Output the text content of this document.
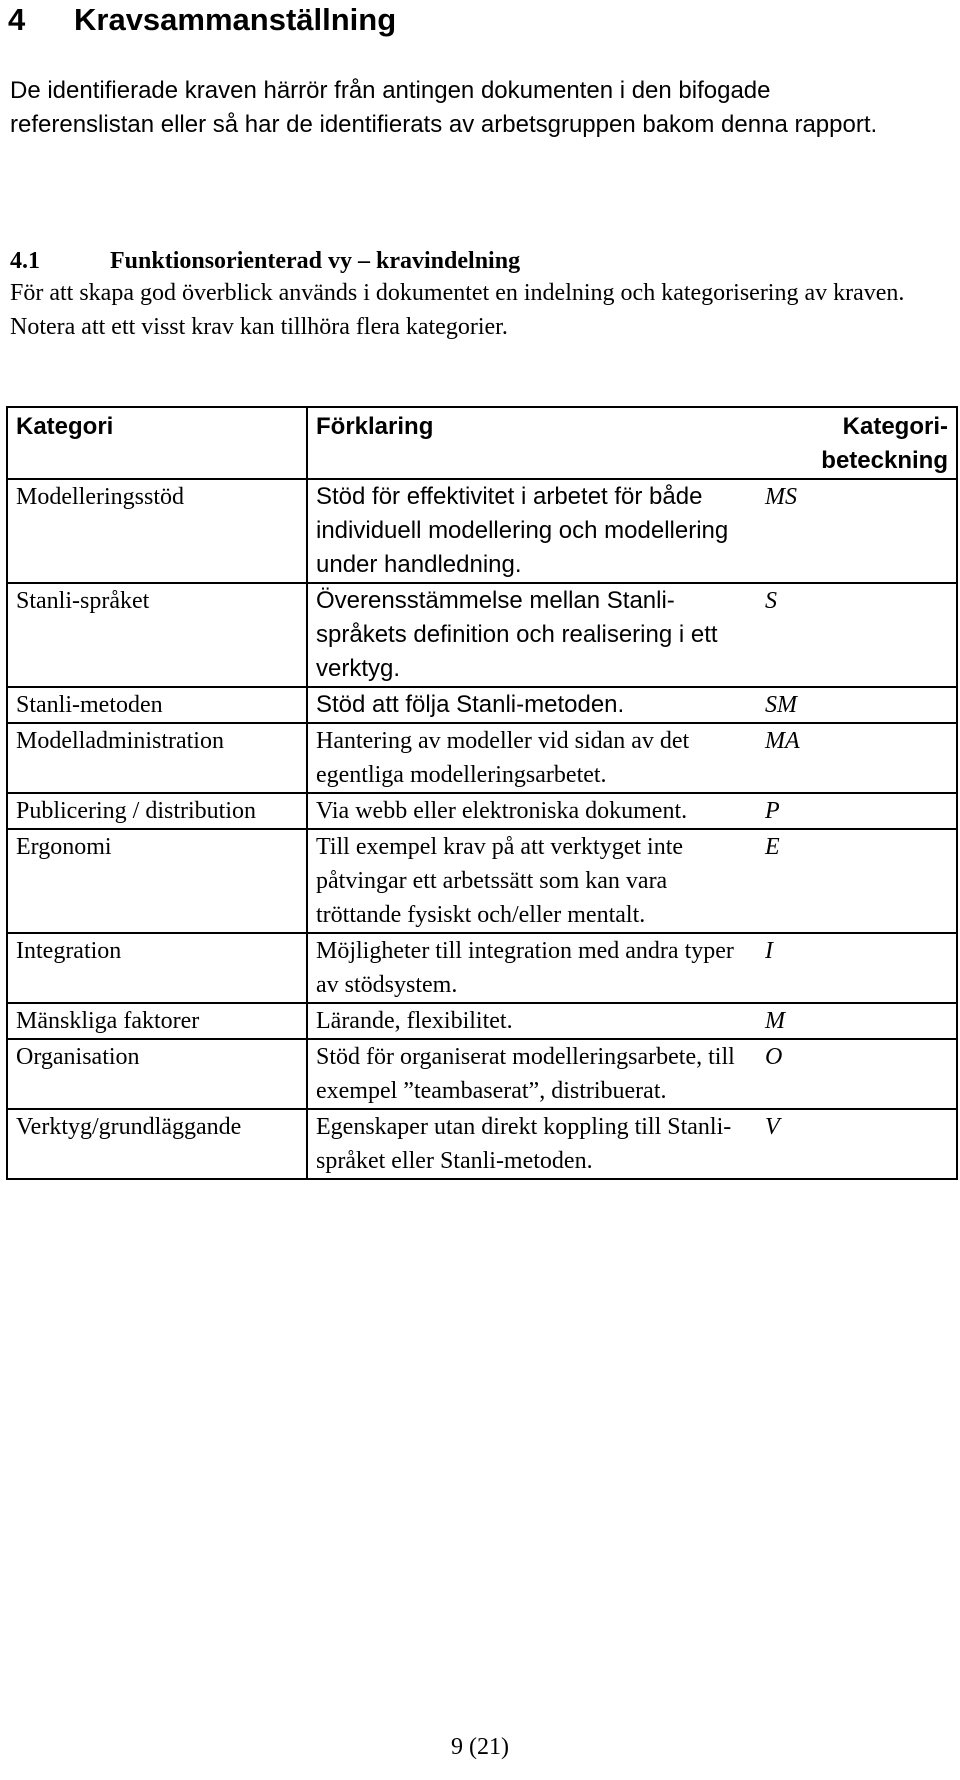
4 Kravsammanställning

De identifierade kraven härrör från antingen dokumenten i den bifogade referenslistan eller så har de identifierats av arbetsgruppen bakom denna rapport.

4.1	Funktionsorienterad vy – kravindelning

För att skapa god överblick används i dokumentet en indelning och kategorisering av kraven. Notera att ett visst krav kan tillhöra flera kategorier.

Kategori	Förklaring	Kategori-beteckning
Modelleringsstöd	Stöd för effektivitet i arbetet för både individuell modellering och modellering under handledning.	MS
Stanli-språket	Överensstämmelse mellan Stanli-språkets definition och realisering i ett verktyg.	S
Stanli-metoden	Stöd att följa Stanli-metoden.	SM
Modelladministration	Hantering av modeller vid sidan av det egentliga modelleringsarbetet.	MA
Publicering / distribution	Via webb eller elektroniska dokument.	P
Ergonomi	Till exempel krav på att verktyget inte påtvingar ett arbetssätt som kan vara tröttande fysiskt och/eller mentalt.	E
Integration	Möjligheter till integration med andra typer av stödsystem.	I
Mänskliga faktorer	Lärande, flexibilitet.	M
Organisation	Stöd för organiserat modelleringsarbete, till exempel ”teambaserat”, distribuerat.	O
Verktyg/grundläggande	Egenskaper utan direkt koppling till Stanli-språket eller Stanli-metoden.	V
9 (21)
